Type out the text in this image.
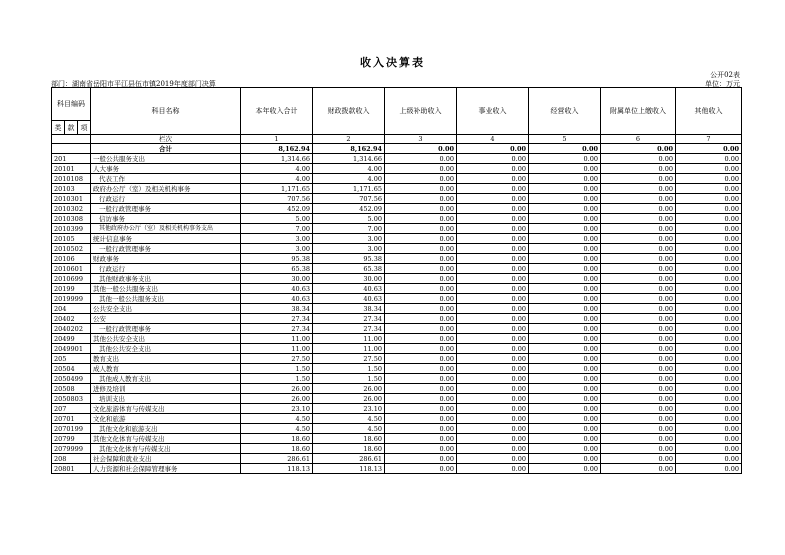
收入决算表
公开02表
部门：湖南省岳阳市平江县伍市镇2019年度部门决算	单位：万元
科目编码			科目名称	本年收入合计	财政拨款收入	上级补助收入	事业收入	经营收入	附属单位上缴收入	其他收入
类	款	项								
			栏次	1	2	3	4	5	6	7
			合计	8,162.94	8,162.94	0.00	0.00	0.00	0.00	0.00
201			一般公共服务支出	1,314.66	1,314.66	0.00	0.00	0.00	0.00	0.00
20101			人大事务	4.00	4.00	0.00	0.00	0.00	0.00	0.00
2010108			代表工作	4.00	4.00	0.00	0.00	0.00	0.00	0.00
20103			政府办公厅（室）及相关机构事务	1,171.65	1,171.65	0.00	0.00	0.00	0.00	0.00
2010301			行政运行	707.56	707.56	0.00	0.00	0.00	0.00	0.00
2010302			一般行政管理事务	452.09	452.09	0.00	0.00	0.00	0.00	0.00
2010308			信访事务	5.00	5.00	0.00	0.00	0.00	0.00	0.00
2010399			其他政府办公厅（室）及相关机构事务支出	7.00	7.00	0.00	0.00	0.00	0.00	0.00
20105			统计信息事务	3.00	3.00	0.00	0.00	0.00	0.00	0.00
2010502			一般行政管理事务	3.00	3.00	0.00	0.00	0.00	0.00	0.00
20106			财政事务	95.38	95.38	0.00	0.00	0.00	0.00	0.00
2010601			行政运行	65.38	65.38	0.00	0.00	0.00	0.00	0.00
2010699			其他财政事务支出	30.00	30.00	0.00	0.00	0.00	0.00	0.00
20199			其他一般公共服务支出	40.63	40.63	0.00	0.00	0.00	0.00	0.00
2019999			其他一般公共服务支出	40.63	40.63	0.00	0.00	0.00	0.00	0.00
204			公共安全支出	38.34	38.34	0.00	0.00	0.00	0.00	0.00
20402			公安	27.34	27.34	0.00	0.00	0.00	0.00	0.00
2040202			一般行政管理事务	27.34	27.34	0.00	0.00	0.00	0.00	0.00
20499			其他公共安全支出	11.00	11.00	0.00	0.00	0.00	0.00	0.00
2049901			其他公共安全支出	11.00	11.00	0.00	0.00	0.00	0.00	0.00
205			教育支出	27.50	27.50	0.00	0.00	0.00	0.00	0.00
20504			成人教育	1.50	1.50	0.00	0.00	0.00	0.00	0.00
2050499			其他成人教育支出	1.50	1.50	0.00	0.00	0.00	0.00	0.00
20508			进修及培训	26.00	26.00	0.00	0.00	0.00	0.00	0.00
2050803			培训支出	26.00	26.00	0.00	0.00	0.00	0.00	0.00
207			文化旅游体育与传媒支出	23.10	23.10	0.00	0.00	0.00	0.00	0.00
20701			文化和旅游	4.50	4.50	0.00	0.00	0.00	0.00	0.00
2070199			其他文化和旅游支出	4.50	4.50	0.00	0.00	0.00	0.00	0.00
20799			其他文化体育与传媒支出	18.60	18.60	0.00	0.00	0.00	0.00	0.00
2079999			其他文化体育与传媒支出	18.60	18.60	0.00	0.00	0.00	0.00	0.00
208			社会保障和就业支出	286.61	286.61	0.00	0.00	0.00	0.00	0.00
20801			人力资源和社会保障管理事务	118.13	118.13	0.00	0.00	0.00	0.00	0.00
